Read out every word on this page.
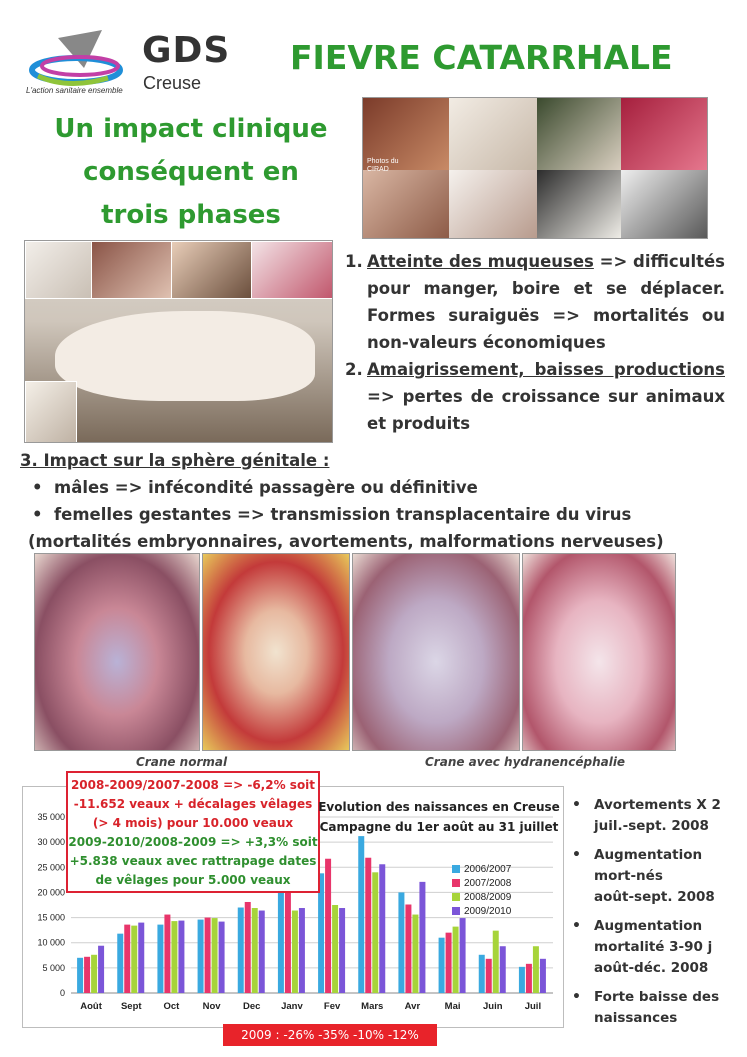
GDS
Creuse
L'action sanitaire ensemble
FIEVRE CATARRHALE
Un impact clinique
conséquent en
trois phases
Photos du CIRAD
1. Atteinte des muqueuses => difficultés pour manger, boire et se déplacer. Formes suraiguës => mortalités ou non-valeurs économiques
2. Amaigrissement, baisses productions => pertes de croissance sur animaux et produits
3. Impact sur la sphère génitale :
• mâles => infécondité passagère ou définitive
• femelles gestantes => transmission transplacentaire du virus
(mortalités embryonnaires, avortements, malformations nerveuses)
Crane normal	Crane avec hydranencéphalie
0
5 000
10 000
15 000
20 000
25 000
30 000
35 000
Août Sept Oct Nov Dec Janv Fev Mars Avr	Mai Juin Juil
2008-2009/2007-2008 => -6,2% soit
-11.652 veaux + décalages vêlages
(> 4 mois) pour 10.000 veaux
2009-2010/2008-2009 => +3,3% soit
+5.838 veaux avec rattrapage dates
de vêlages pour 5.000 veaux
Evolution des naissances en Creuse
Campagne du 1er août au 31 juillet
2006/2007
2007/2008
2008/2009
2009/2010
2009 : -26% -35% -10% -12%
• Avortements X 2
juil.-sept. 2008
• Augmentation
mort-nés
août-sept. 2008
• Augmentation
mortalité 3-90 j
août-déc. 2008
• Forte baisse des
naissances
